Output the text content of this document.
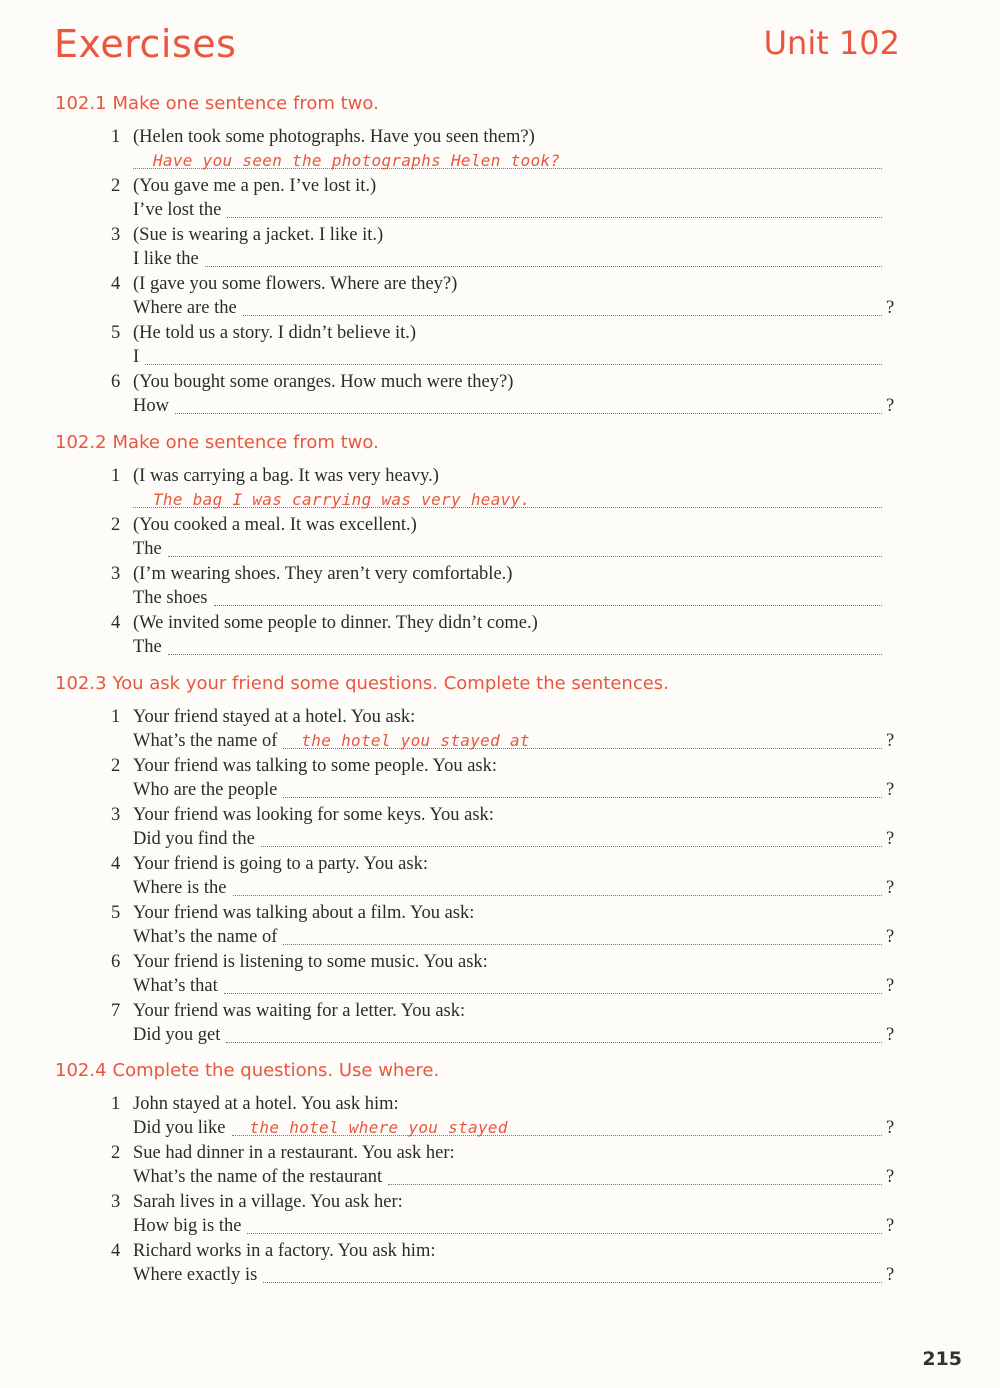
Exercises	Unit 102
102.1 Make one sentence from two.
1 (Helen took some photographs. Have you seen them?)
Have you seen the photographs Helen took?
2 (You gave me a pen. I’ve lost it.)
I’ve lost the
3 (Sue is wearing a jacket. I like it.)
I like the
4 (I gave you some flowers. Where are they?)
Where are the	?
5 (He told us a story. I didn’t believe it.)
I
6 (You bought some oranges. How much were they?)
How	?
102.2 Make one sentence from two.
1 (I was carrying a bag. It was very heavy.)
The bag I was carrying was very heavy.
2 (You cooked a meal. It was excellent.)
The
3 (I’m wearing shoes. They aren’t very comfortable.)
The shoes
4 (We invited some people to dinner. They didn’t come.)
The
102.3 You ask your friend some questions. Complete the sentences.
1 Your friend stayed at a hotel. You ask:
What’s the name of	the hotel you stayed at	?
2 Your friend was talking to some people. You ask:
Who are the people	?
3 Your friend was looking for some keys. You ask:
Did you find the	?
4 Your friend is going to a party. You ask:
Where is the	?
5 Your friend was talking about a film. You ask:
What’s the name of	?
6 Your friend is listening to some music. You ask:
What’s that	?
7 Your friend was waiting for a letter. You ask:
Did you get	?
102.4 Complete the questions. Use where.
1 John stayed at a hotel. You ask him:
Did you like	the hotel where you stayed	?
2 Sue had dinner in a restaurant. You ask her:
What’s the name of the restaurant	?
3 Sarah lives in a village. You ask her:
How big is the	?
4 Richard works in a factory. You ask him:
Where exactly is	?
215
